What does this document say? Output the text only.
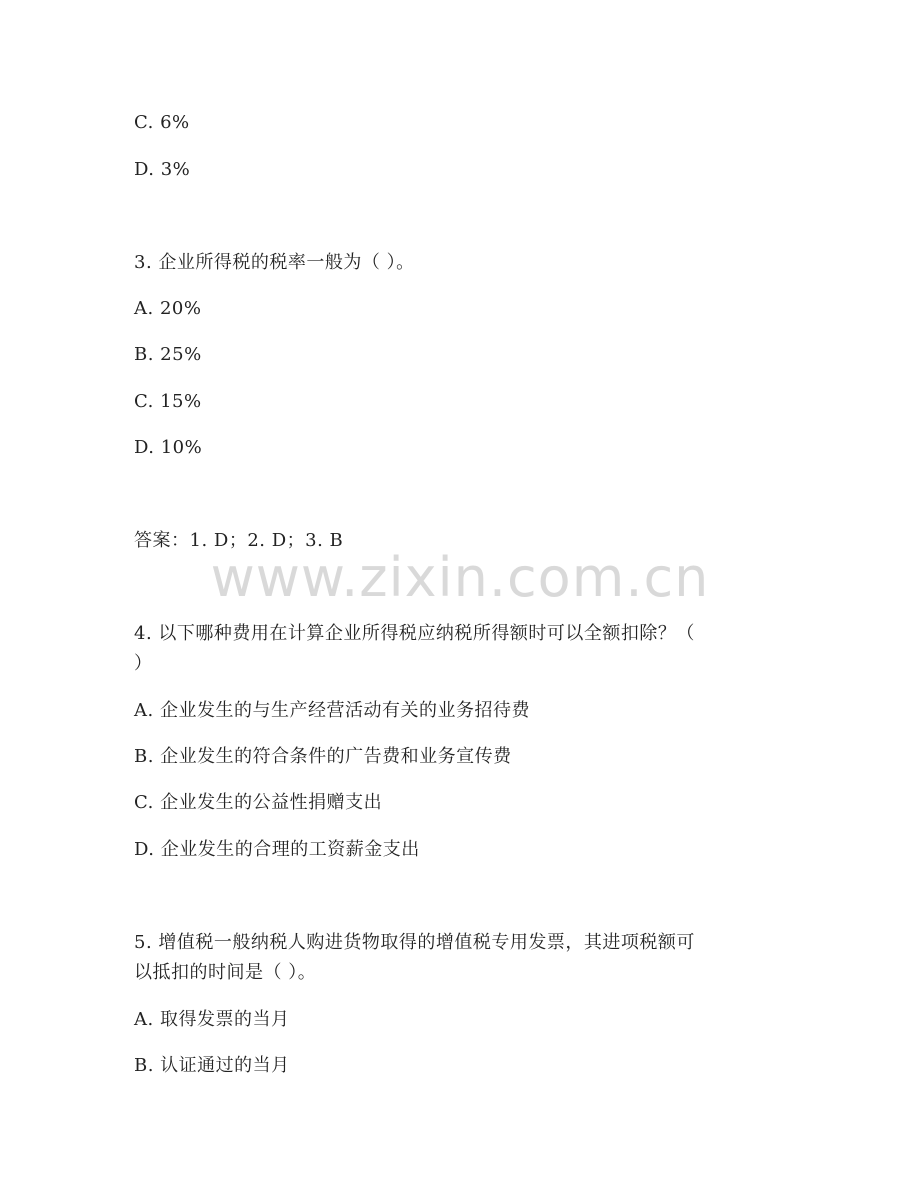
C. 6%
D. 3%
3. 企业所得税的税率一般为（ ）。
A. 20%
B. 25%
C. 15%
D. 10%
答案：1. D；2. D；3. B
www.zixin.com.cn
4. 以下哪种费用在计算企业所得税应纳税所得额时可以全额扣除？（
）
A. 企业发生的与生产经营活动有关的业务招待费
B. 企业发生的符合条件的广告费和业务宣传费
C. 企业发生的公益性捐赠支出
D. 企业发生的合理的工资薪金支出
5. 增值税一般纳税人购进货物取得的增值税专用发票，其进项税额可
以抵扣的时间是（ ）。
A. 取得发票的当月
B. 认证通过的当月
